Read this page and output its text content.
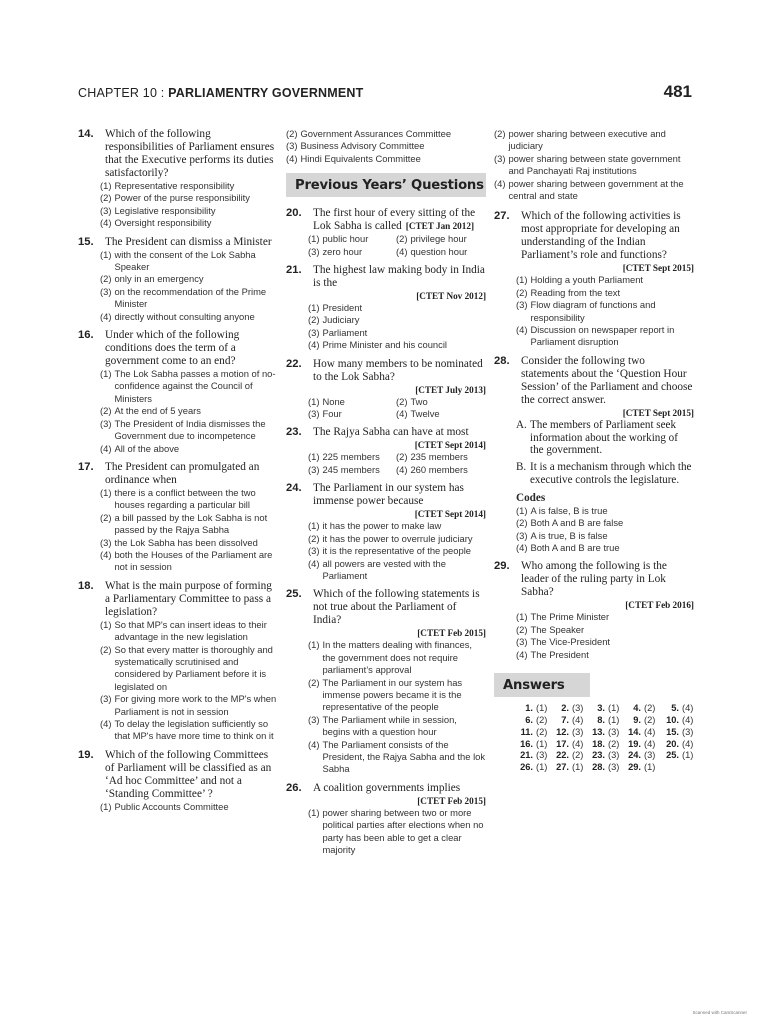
CHAPTER 10 : PARLIAMENTRY GOVERNMENT	481
14.	Which of the following responsibilities of Parliament ensures that the Executive performs its duties satisfactorily?
(1) Representative responsibility
(2) Power of the purse responsibility
(3) Legislative responsibility
(4) Oversight responsibility
15.	The President can dismiss a Minister
(1) with the consent of the Lok Sabha Speaker
(2) only in an emergency
(3) on the recommendation of the Prime Minister
(4) directly without consulting anyone
16.	Under which of the following conditions does the term of a government come to an end?
(1) The Lok Sabha passes a motion of no-confidence against the Council of Ministers
(2) At the end of 5 years
(3) The President of India dismisses the Government due to incompetence
(4) All of the above
17.	The President can promulgated an ordinance when
(1) there is a conflict between the two houses regarding a particular bill
(2) a bill passed by the Lok Sabha is not passed by the Rajya Sabha
(3) the Lok Sabha has been dissolved
(4) both the Houses of the Parliament are not in session
18.	What is the main purpose of forming a Parliamentary Committee to pass a legislation?
(1) So that MP's can insert ideas to their advantage in the new legislation
(2) So that every matter is thoroughly and systematically scrutinised and considered by Parliament before it is legislated on
(3) For giving more work to the MP's when Parliament is not in session
(4) To delay the legislation sufficiently so that MP's have more time to think on it
19.	Which of the following Committees of Parliament will be classified as an ‘Ad hoc Committee’ and not a ‘Standing Committee’ ?
(1) Public Accounts Committee
(2) Government Assurances Committee
(3) Business Advisory Committee
(4) Hindi Equivalents Committee
Previous Years’ Questions
20.	The first hour of every sitting of the Lok Sabha is called [CTET Jan 2012]
(1) public hour	(2) privilege hour
(3) zero hour	(4) question hour
21.	The highest law making body in India is the
[CTET Nov 2012]
(1) President
(2) Judiciary
(3) Parliament
(4) Prime Minister and his council
22.	How many members to be nominated to the Lok Sabha?
[CTET July 2013]
(1) None	(2) Two
(3) Four	(4) Twelve
23.	The Rajya Sabha can have at most
[CTET Sept 2014]
(1) 225 members	(2) 235 members
(3) 245 members	(4) 260 members
24.	The Parliament in our system has immense power because
[CTET Sept 2014]
(1) it has the power to make law
(2) it has the power to overrule judiciary
(3) it is the representative of the people
(4) all powers are vested with the Parliament
25.	Which of the following statements is not true about the Parliament of India?
[CTET Feb 2015]
(1) In the matters dealing with finances, the government does not require parliament’s approval
(2) The Parliament in our system has immense powers became it is the representative of the people
(3) The Parliament while in session, begins with a question hour
(4) The Parliament consists of the President, the Rajya Sabha and the lok Sabha
26.	A coalition governments implies
[CTET Feb 2015]
(1) power sharing between two or more political parties after elections when no party has been able to get a clear majority
(2) power sharing between executive and judiciary
(3) power sharing between state government and Panchayati Raj institutions
(4) power sharing between government at the central and state
27.	Which of the following activities is most appropriate for developing an understanding of the Indian Parliament’s role and functions?
[CTET Sept 2015]
(1) Holding a youth Parliament
(2) Reading from the text
(3) Flow diagram of functions and responsibility
(4) Discussion on newspaper report in Parliament disruption
28.	Consider the following two statements about the ‘Question Hour Session’ of the Parliament and choose the correct answer.
[CTET Sept 2015]
A. The members of Parliament seek information about the working of the government.
B. It is a mechanism through which the executive controls the legislature.
Codes
(1) A is false, B is true
(2) Both A and B are false
(3) A is true, B is false
(4) Both A and B are true
29.	Who among the following is the leader of the ruling party in Lok Sabha?
[CTET Feb 2016]
(1) The Prime Minister
(2) The Speaker
(3) The Vice-President
(4) The President
Answers
1. (1)	2. (3)	3. (1)	4. (2)	5. (4)
6. (2)	7. (4)	8. (1)	9. (2)	10. (4)
11. (2) 12. (3) 13. (3) 14. (4)	15. (3)
16. (1) 17. (4) 18. (2) 19. (4)	20. (4)
21. (3) 22. (2) 23. (3) 24. (3)	25. (1)
26. (1) 27. (1) 28. (3) 29. (1)
Scanned with CamScanner
